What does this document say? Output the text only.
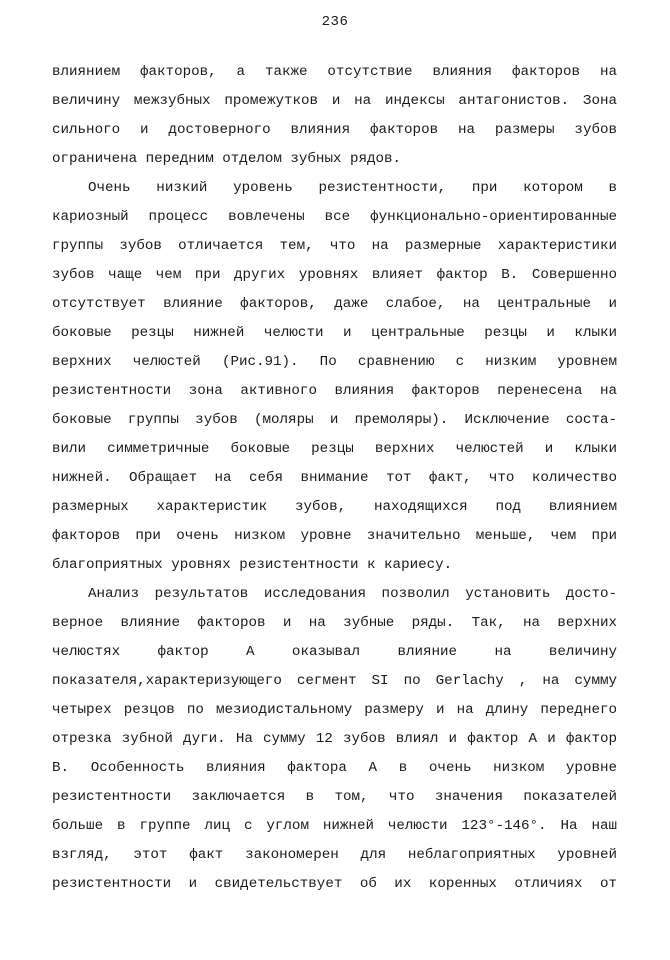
236
влиянием факторов, а также отсутствие влияния факторов на
величину межзубных промежутков и на индексы антагонистов. Зона
сильного и достоверного влияния факторов на размеры зубов
ограничена передним отделом зубных рядов.
Очень низкий уровень резистентности, при котором в
кариозный процесс вовлечены все функционально-ориентированные
группы зубов отличается тем, что на размерные характеристики
зубов чаще чем при других уровнях влияет фактор В. Совершенно
отсутствует влияние факторов, даже слабое, на центральные и
боковые резцы нижней челюсти и центральные резцы и клыки
верхних челюстей (Рис.91). По сравнению с низким уровнем
резистентности зона активного влияния факторов перенесена на
боковые группы зубов (моляры и премоляры). Исключение соста-
вили симметричные боковые резцы верхних челюстей и клыки
нижней. Обращает на себя внимание тот факт, что количество
размерных характеристик зубов, находящихся под влиянием
факторов при очень низком уровне значительно меньше, чем при
благоприятных уровнях резистентности к кариесу.
Анализ результатов исследования позволил установить досто-
верное влияние факторов и на зубные ряды. Так, на верхних
челюстях фактор А оказывал влияние на величину
показателя,характеризующего сегмент SI по Gerlachy , на сумму
четырех резцов по мезиодистальному размеру и на длину переднего
отрезка зубной дуги. На сумму 12 зубов влиял и фактор А и фактор
В. Особенность влияния фактора А в очень низком уровне
резистентности заключается в том, что значения показателей
больше в группе лиц с углом нижней челюсти 123°-146°. На наш
взгляд, этот факт закономерен для неблагоприятных уровней
резистентности и свидетельствует об их коренных отличиях от
